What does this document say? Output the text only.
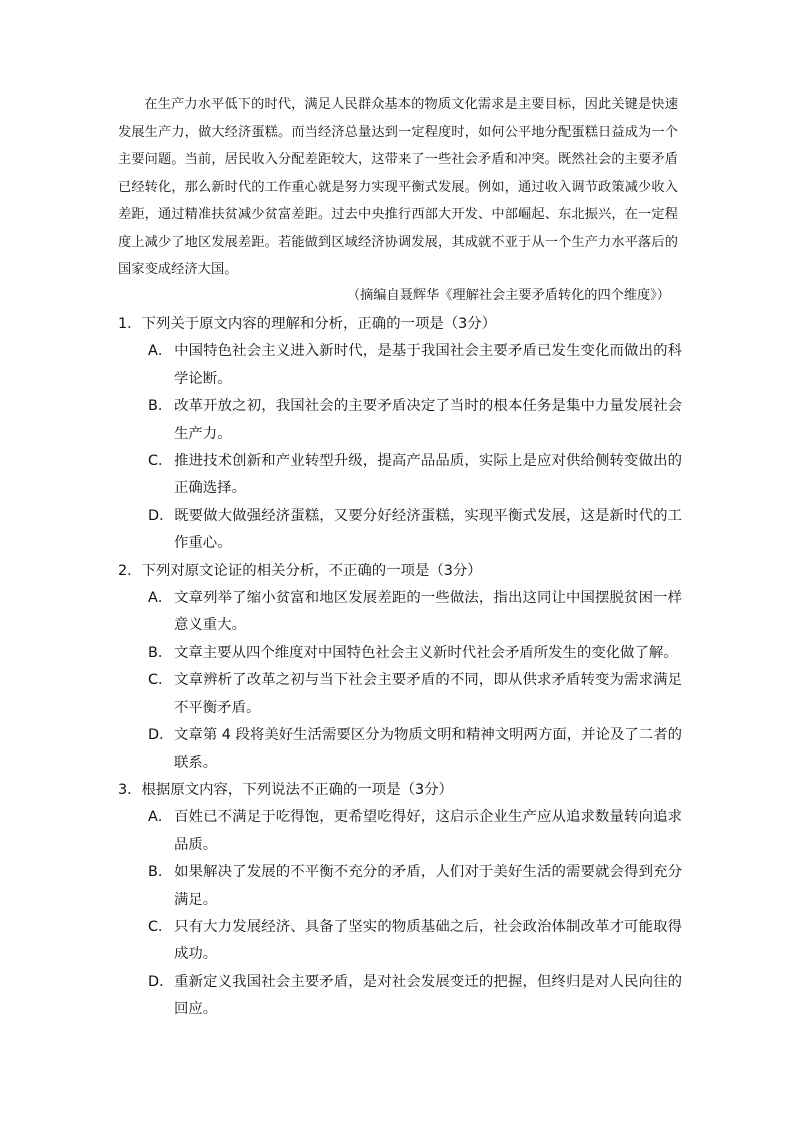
在生产力水平低下的时代，满足人民群众基本的物质文化需求是主要目标，因此关键是快速发展生产力，做大经济蛋糕。而当经济总量达到一定程度时，如何公平地分配蛋糕日益成为一个主要问题。当前，居民收入分配差距较大，这带来了一些社会矛盾和冲突。既然社会的主要矛盾已经转化，那么新时代的工作重心就是努力实现平衡式发展。例如，通过收入调节政策减少收入差距，通过精准扶贫减少贫富差距。过去中央推行西部大开发、中部崛起、东北振兴，在一定程度上减少了地区发展差距。若能做到区域经济协调发展，其成就不亚于从一个生产力水平落后的国家变成经济大国。

（摘编自聂辉华《理解社会主要矛盾转化的四个维度》）

1．下列关于原文内容的理解和分析，正确的一项是（3分）

A． 中国特色社会主义进入新时代，是基于我国社会主要矛盾已发生变化而做出的科学论断。

B． 改革开放之初，我国社会的主要矛盾决定了当时的根本任务是集中力量发展社会生产力。

C． 推进技术创新和产业转型升级，提高产品品质，实际上是应对供给侧转变做出的正确选择。

D．既要做大做强经济蛋糕，又要分好经济蛋糕，实现平衡式发展，这是新时代的工作重心。

2．下列对原文论证的相关分析，不正确的一项是（3分）

A． 文章列举了缩小贫富和地区发展差距的一些做法，指出这同让中国摆脱贫困一样意义重大。

B． 文章主要从四个维度对中国特色社会主义新时代社会矛盾所发生的变化做了解。

C． 文章辨析了改革之初与当下社会主要矛盾的不同，即从供求矛盾转变为需求满足不平衡矛盾。

D．文章第 4 段将美好生活需要区分为物质文明和精神文明两方面，并论及了二者的联系。

3．根据原文内容，下列说法不正确的一项是（3分）

A． 百姓已不满足于吃得饱，更希望吃得好，这启示企业生产应从追求数量转向追求品质。

B． 如果解决了发展的不平衡不充分的矛盾，人们对于美好生活的需要就会得到充分满足。

C． 只有大力发展经济、具备了坚实的物质基础之后，社会政治体制改革才可能取得成功。

D．重新定义我国社会主要矛盾，是对社会发展变迁的把握，但终归是对人民向往的回应。
